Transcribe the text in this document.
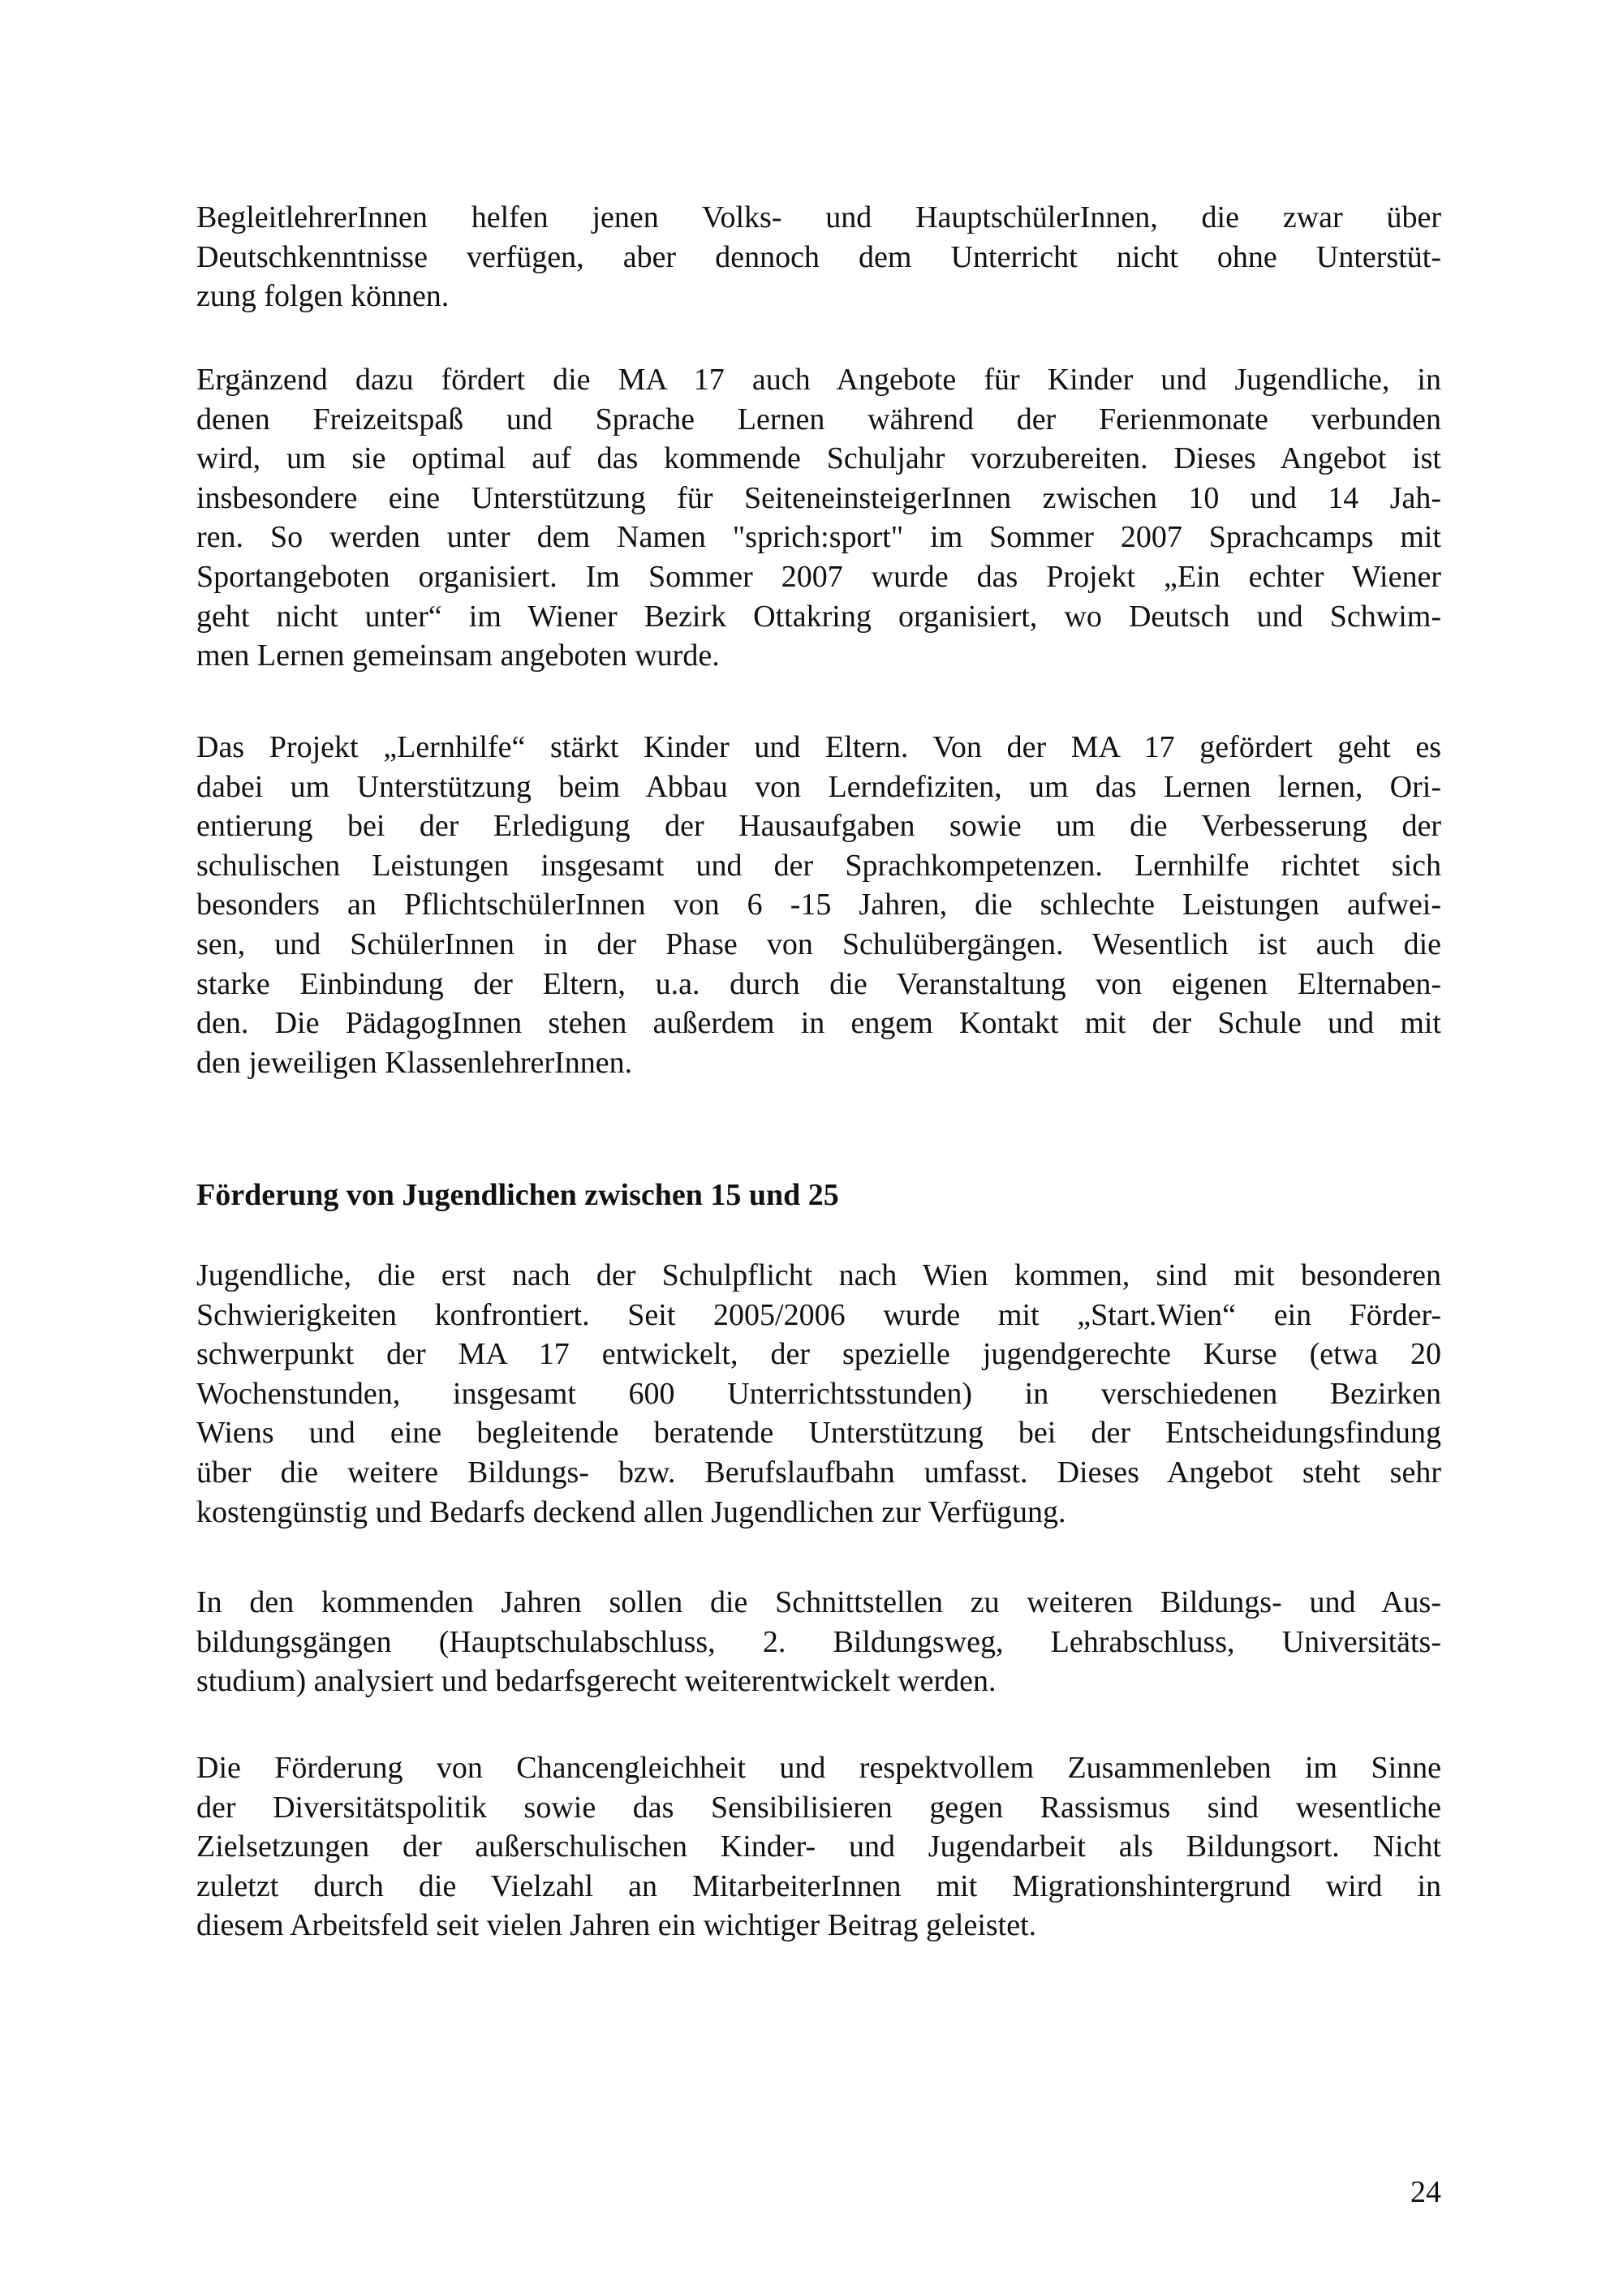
BegleitlehrerInnen helfen jenen Volks- und HauptschülerInnen, die zwar über
Deutschkenntnisse verfügen, aber dennoch dem Unterricht nicht ohne Unterstüt-
zung folgen können.
Ergänzend dazu fördert die MA 17 auch Angebote für Kinder und Jugendliche, in
denen Freizeitspaß und Sprache Lernen während der Ferienmonate verbunden
wird, um sie optimal auf das kommende Schuljahr vorzubereiten. Dieses Angebot ist
insbesondere eine Unterstützung für SeiteneinsteigerInnen zwischen 10 und 14 Jah-
ren. So werden unter dem Namen "sprich:sport" im Sommer 2007 Sprachcamps mit
Sportangeboten organisiert. Im Sommer 2007 wurde das Projekt „Ein echter Wiener
geht nicht unter“ im Wiener Bezirk Ottakring organisiert, wo Deutsch und Schwim-
men Lernen gemeinsam angeboten wurde.
Das Projekt „Lernhilfe“ stärkt Kinder und Eltern. Von der MA 17 gefördert geht es
dabei um Unterstützung beim Abbau von Lerndefiziten, um das Lernen lernen, Ori-
entierung bei der Erledigung der Hausaufgaben sowie um die Verbesserung der
schulischen Leistungen insgesamt und der Sprachkompetenzen. Lernhilfe richtet sich
besonders an PflichtschülerInnen von 6 -15 Jahren, die schlechte Leistungen aufwei-
sen, und SchülerInnen in der Phase von Schulübergängen. Wesentlich ist auch die
starke Einbindung der Eltern, u.a. durch die Veranstaltung von eigenen Elternaben-
den. Die PädagogInnen stehen außerdem in engem Kontakt mit der Schule und mit
den jeweiligen KlassenlehrerInnen.
Förderung von Jugendlichen zwischen 15 und 25
Jugendliche, die erst nach der Schulpflicht nach Wien kommen, sind mit besonderen
Schwierigkeiten konfrontiert. Seit 2005/2006 wurde mit „Start.Wien“ ein Förder-
schwerpunkt der MA 17 entwickelt, der spezielle jugendgerechte Kurse (etwa 20
Wochenstunden, insgesamt 600 Unterrichtsstunden) in verschiedenen Bezirken
Wiens und eine begleitende beratende Unterstützung bei der Entscheidungsfindung
über die weitere Bildungs- bzw. Berufslaufbahn umfasst. Dieses Angebot steht sehr
kostengünstig und Bedarfs deckend allen Jugendlichen zur Verfügung.
In den kommenden Jahren sollen die Schnittstellen zu weiteren Bildungs- und Aus-
bildungsgängen (Hauptschulabschluss, 2. Bildungsweg, Lehrabschluss, Universitäts-
studium) analysiert und bedarfsgerecht weiterentwickelt werden.
Die Förderung von Chancengleichheit und respektvollem Zusammenleben im Sinne
der Diversitätspolitik sowie das Sensibilisieren gegen Rassismus sind wesentliche
Zielsetzungen der außerschulischen Kinder- und Jugendarbeit als Bildungsort. Nicht
zuletzt durch die Vielzahl an MitarbeiterInnen mit Migrationshintergrund wird in
diesem Arbeitsfeld seit vielen Jahren ein wichtiger Beitrag geleistet.
24
